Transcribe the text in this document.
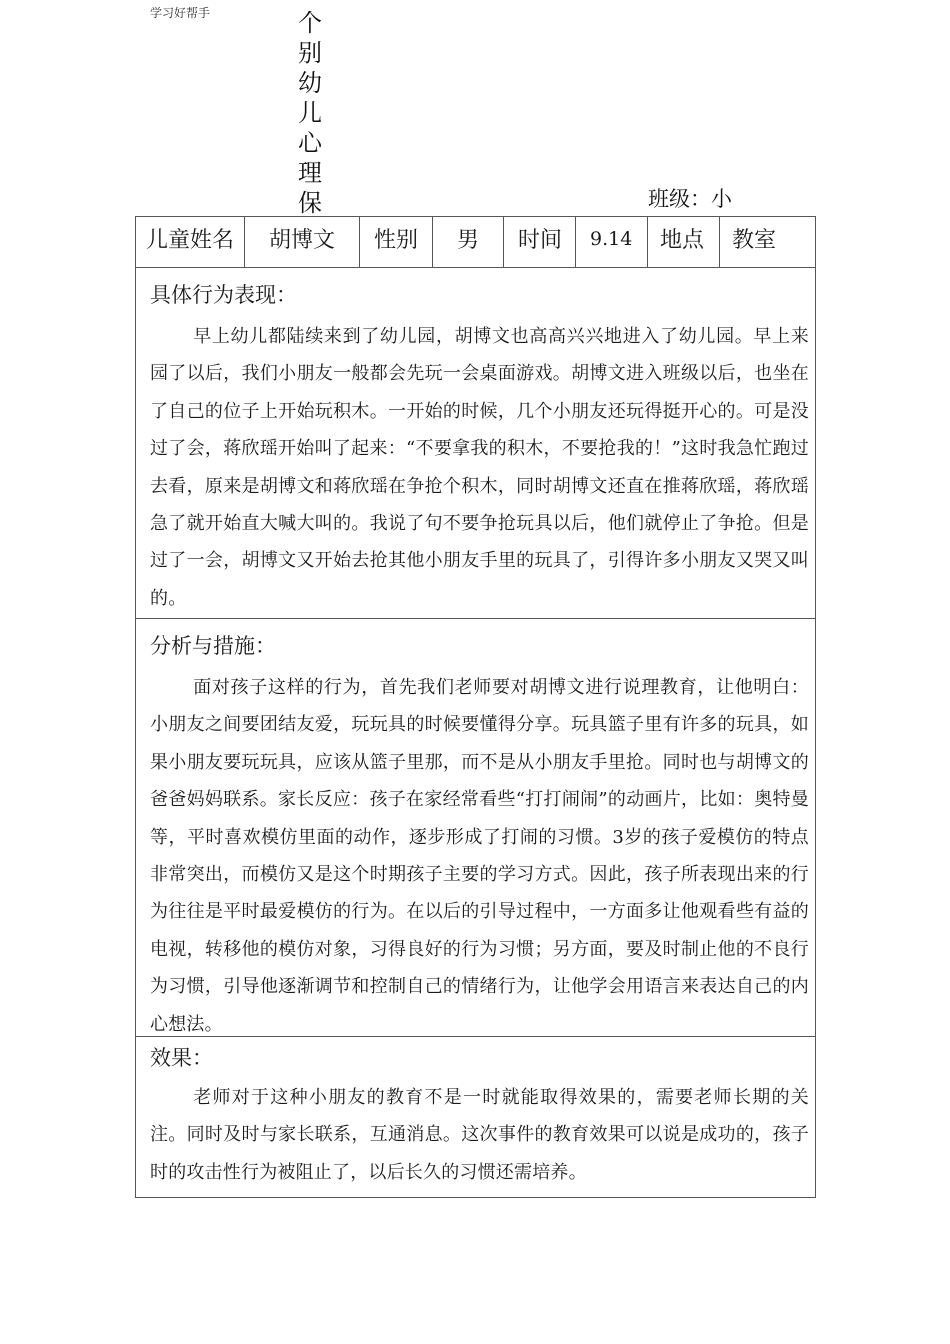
学习好帮手	个别幼儿心理保	班级：小
儿童姓名	胡博文	性别	男	时间	9.14	地点	教室
具体行为表现：
早上幼儿都陆续来到了幼儿园，胡博文也高高兴兴地进入了幼儿园。早上来园了以后，我们小朋友一般都会先玩一会桌面游戏。胡博文进入班级以后，也坐在了自己的位子上开始玩积木。一开始的时候，几个小朋友还玩得挺开心的。可是没过了会，蒋欣瑶开始叫了起来：“不要拿我的积木，不要抢我的！”这时我急忙跑过去看，原来是胡博文和蒋欣瑶在争抢个积木，同时胡博文还直在推蒋欣瑶，蒋欣瑶急了就开始直大喊大叫的。我说了句不要争抢玩具以后，他们就停止了争抢。但是过了一会，胡博文又开始去抢其他小朋友手里的玩具了，引得许多小朋友又哭又叫的。
分析与措施：
面对孩子这样的行为，首先我们老师要对胡博文进行说理教育，让他明白：小朋友之间要团结友爱，玩玩具的时候要懂得分享。玩具篮子里有许多的玩具，如果小朋友要玩玩具，应该从篮子里那，而不是从小朋友手里抢。同时也与胡博文的爸爸妈妈联系。家长反应：孩子在家经常看些“打打闹闹”的动画片，比如：奥特曼等，平时喜欢模仿里面的动作，逐步形成了打闹的习惯。3岁的孩子爱模仿的特点非常突出，而模仿又是这个时期孩子主要的学习方式。因此，孩子所表现出来的行为往往是平时最爱模仿的行为。在以后的引导过程中，一方面多让他观看些有益的电视，转移他的模仿对象，习得良好的行为习惯；另方面，要及时制止他的不良行为习惯，引导他逐渐调节和控制自己的情绪行为，让他学会用语言来表达自己的内心想法。
效果：
老师对于这种小朋友的教育不是一时就能取得效果的，需要老师长期的关注。同时及时与家长联系，互通消息。这次事件的教育效果可以说是成功的，孩子时的攻击性行为被阻止了，以后长久的习惯还需培养。
